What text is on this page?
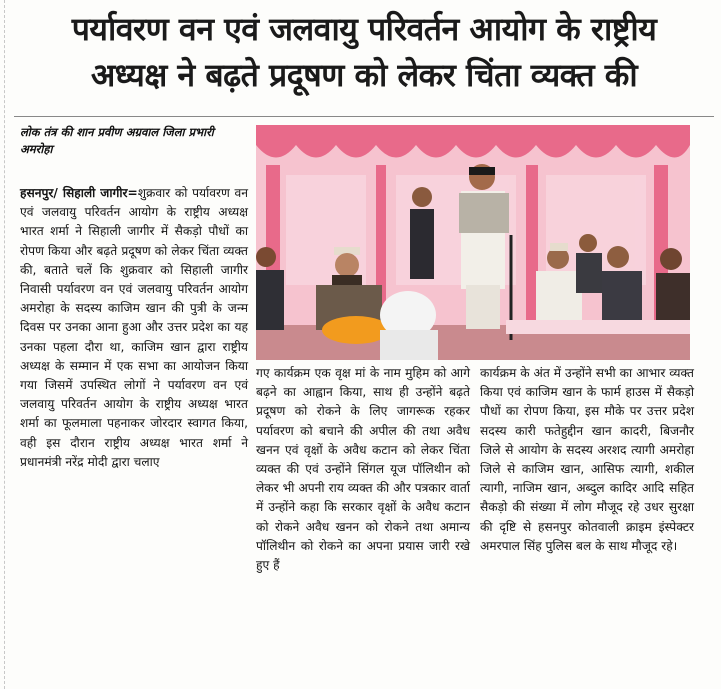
पर्यावरण वन एवं जलवायु परिवर्तन आयोग के राष्ट्रीय
अध्यक्ष ने बढ़ते प्रदूषण को लेकर चिंता व्यक्त की
लोक तंत्र की शान प्रवीण अग्रवाल जिला प्रभारी अमरोहा
हसनपुर/ सिहाली जागीर=शुक्रवार को पर्यावरण वन एवं जलवायु परिवर्तन आयोग के राष्ट्रीय अध्यक्ष भारत शर्मा ने सिहाली जागीर में सैकड़ो पौधों का रोपण किया और बढ़ते प्रदूषण को लेकर चिंता व्यक्त की, बताते चलें कि शुक्रवार को सिहाली जागीर निवासी पर्यावरण वन एवं जलवायु परिवर्तन आयोग अमरोहा के सदस्य काजिम खान की पुत्री के जन्म दिवस पर उनका आना हुआ और उत्तर प्रदेश का यह उनका पहला दौरा था, काजिम खान द्वारा राष्ट्रीय अध्यक्ष के सम्मान में एक सभा का आयोजन किया गया जिसमें उपस्थित लोगों ने पर्यावरण वन एवं जलवायु परिवर्तन आयोग के राष्ट्रीय अध्यक्ष भारत शर्मा का फूलमाला पहनाकर जोरदार स्वागत किया, वही इस दौरान राष्ट्रीय अध्यक्ष भारत शर्मा ने प्रधानमंत्री नरेंद्र मोदी द्वारा चलाए
गए कार्यक्रम एक वृक्ष मां के नाम मुहिम को आगे बढ़ने का आह्वान किया, साथ ही उन्होंने बढ़ते प्रदूषण को रोकने के लिए जागरूक रहकर पर्यावरण को बचाने की अपील की तथा अवैध खनन एवं वृक्षों के अवैध कटान को लेकर चिंता व्यक्त की एवं उन्होंने सिंगल यूज पॉलिथीन को लेकर भी अपनी राय व्यक्त की और पत्रकार वार्ता में उन्होंने कहा कि सरकार वृक्षों के अवैध कटान को रोकने अवैध खनन को रोकने तथा अमान्य पॉलिथीन को रोकने का अपना प्रयास जारी रखे हुए हैं
कार्यक्रम के अंत में उन्होंने सभी का आभार व्यक्त किया एवं काजिम खान के फार्म हाउस में सैकड़ो पौधों का रोपण किया, इस मौके पर उत्तर प्रदेश सदस्य कारी फतेहुद्दीन खान कादरी, बिजनौर जिले से आयोग के सदस्य अरशद त्यागी अमरोहा जिले से काजिम खान, आसिफ त्यागी, शकील त्यागी, नाजिम खान, अब्दुल कादिर आदि सहित सैकड़ो की संख्या में लोग मौजूद रहे उधर सुरक्षा की दृष्टि से हसनपुर कोतवाली क्राइम इंस्पेक्टर अमरपाल सिंह पुलिस बल के साथ मौजूद रहे।
